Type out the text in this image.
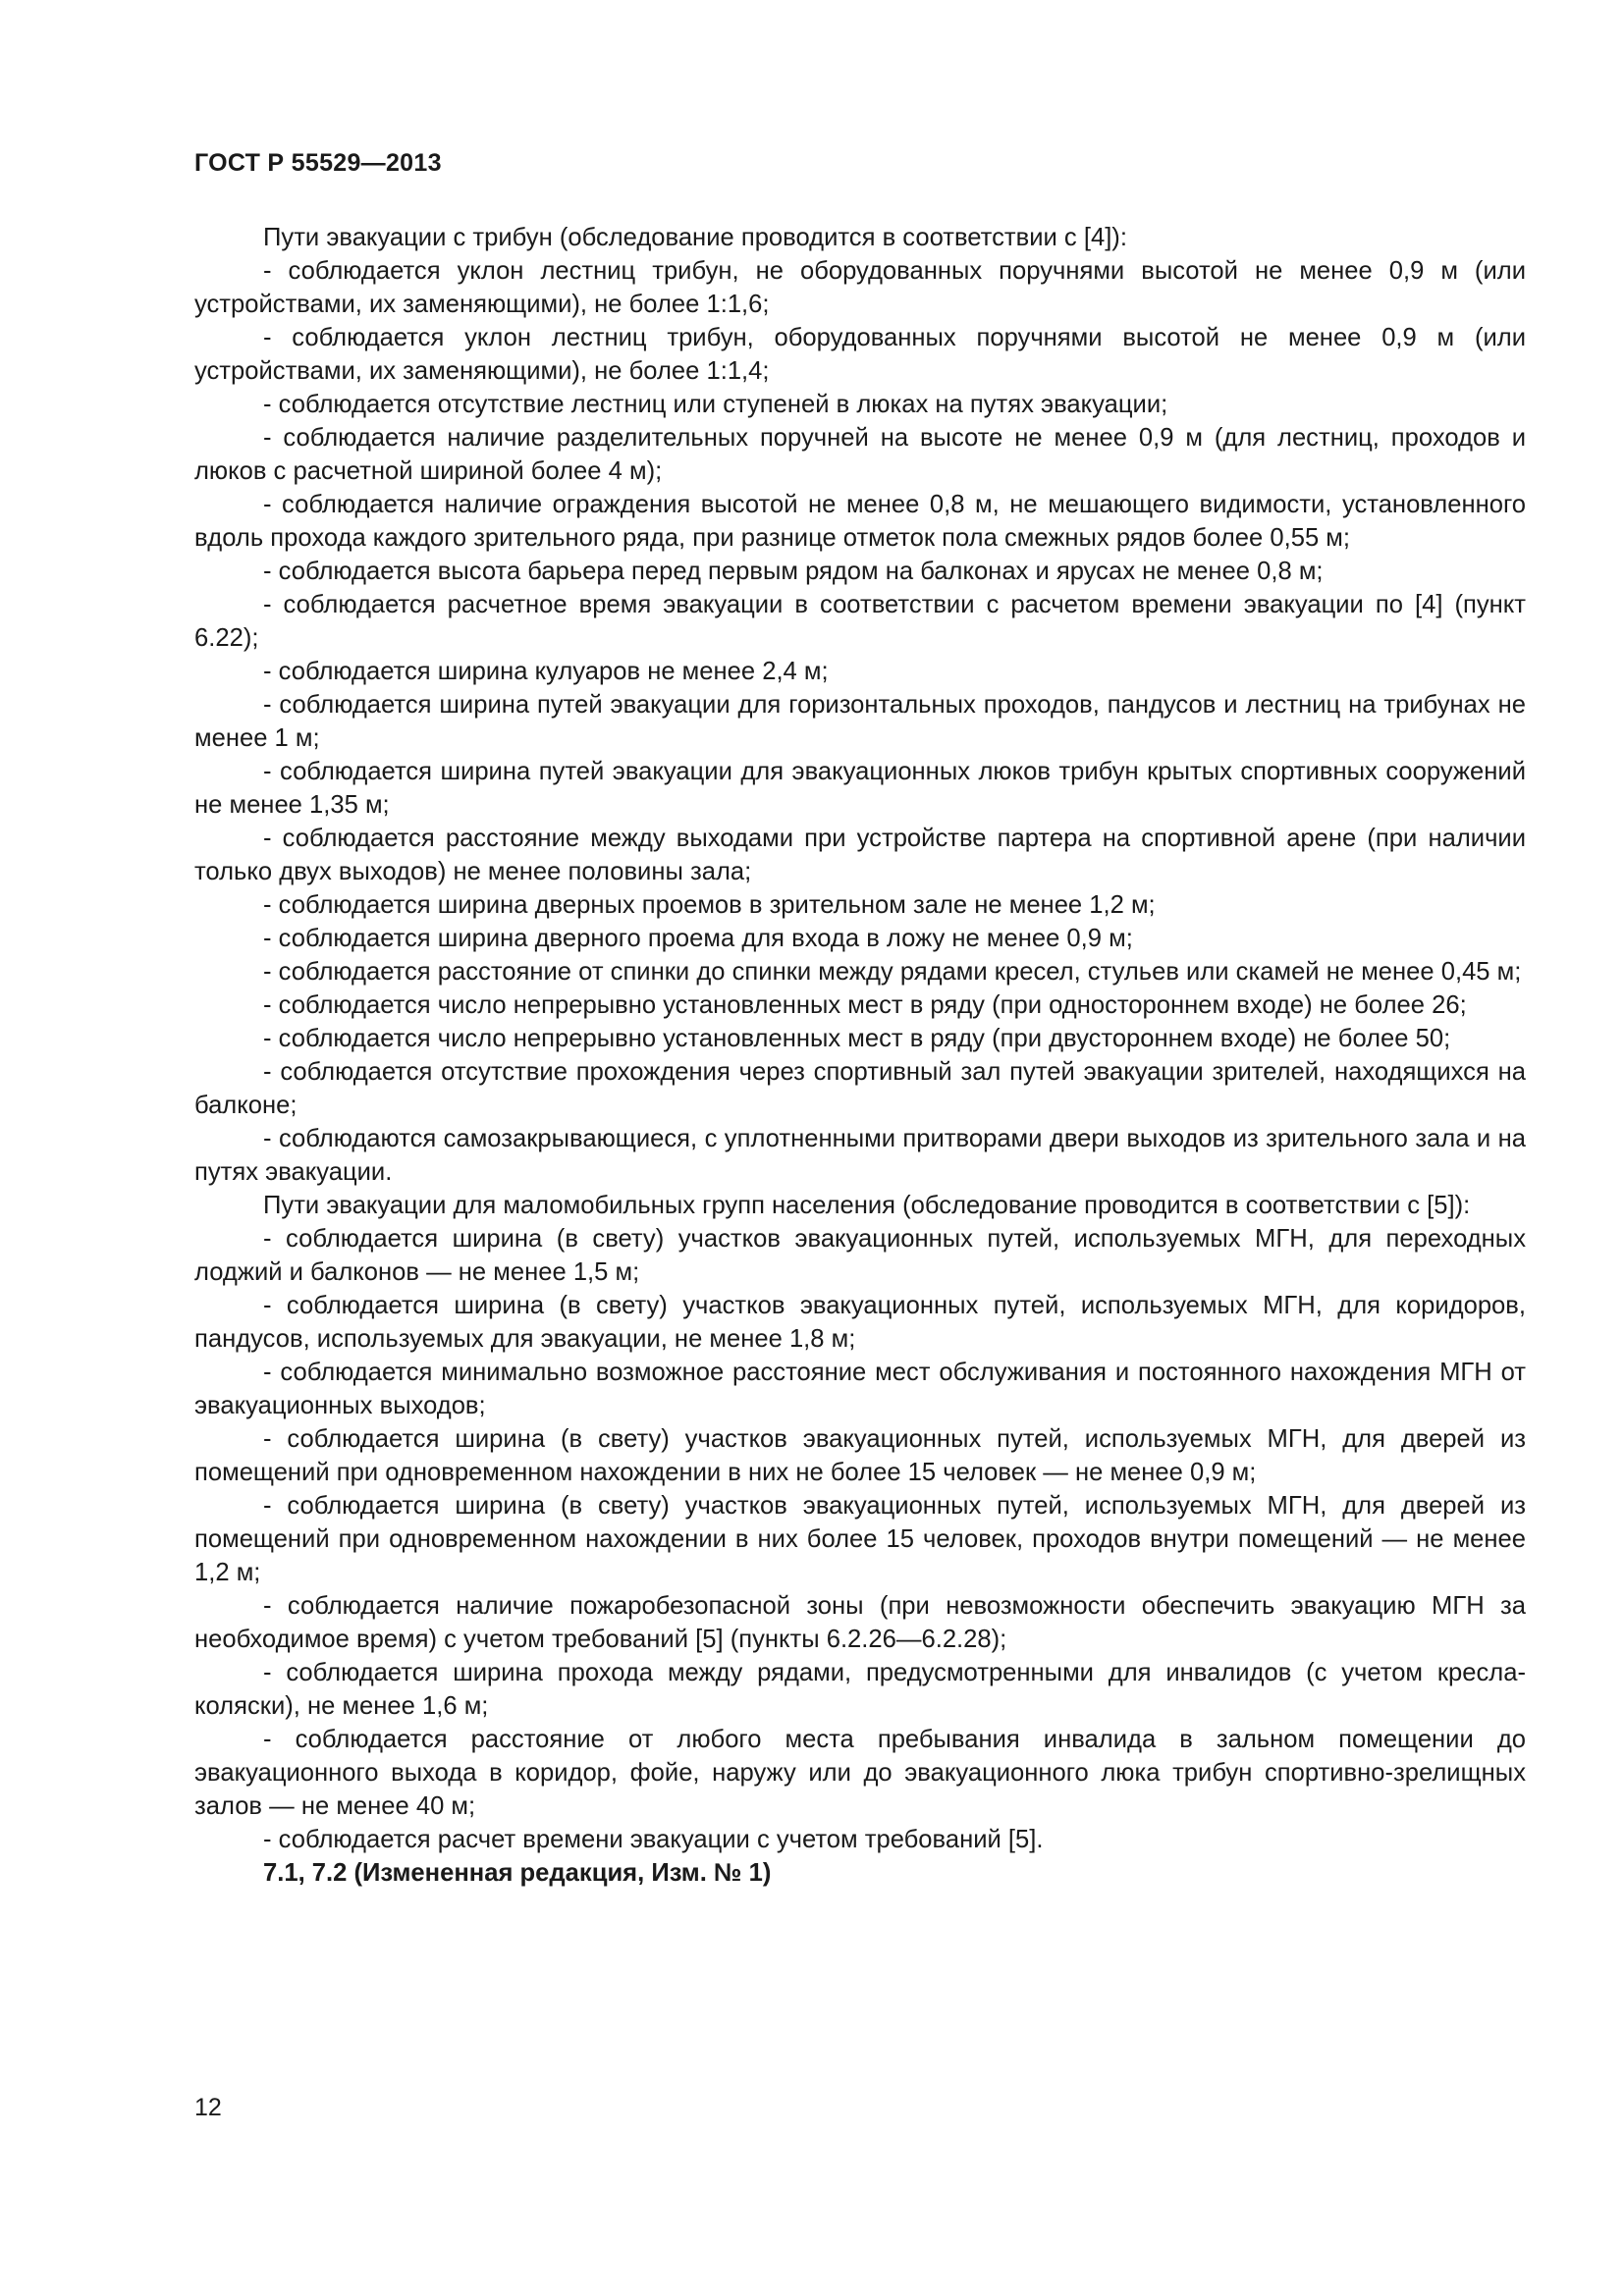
ГОСТ Р 55529—2013

Пути эвакуации с трибун (обследование проводится в соответствии с [4]):

- соблюдается уклон лестниц трибун, не оборудованных поручнями высотой не менее 0,9 м (или устройствами, их заменяющими), не более 1:1,6;

- соблюдается уклон лестниц трибун, оборудованных поручнями высотой не менее 0,9 м (или устройствами, их заменяющими), не более 1:1,4;

- соблюдается отсутствие лестниц или ступеней в люках на путях эвакуации;

- соблюдается наличие разделительных поручней на высоте не менее 0,9 м (для лестниц, проходов и люков с расчетной шириной более 4 м);

- соблюдается наличие ограждения высотой не менее 0,8 м, не мешающего видимости, установленного вдоль прохода каждого зрительного ряда, при разнице отметок пола смежных рядов более 0,55 м;

- соблюдается высота барьера перед первым рядом на балконах и ярусах не менее 0,8 м;

- соблюдается расчетное время эвакуации в соответствии с расчетом времени эвакуации по [4] (пункт 6.22);

- соблюдается ширина кулуаров не менее 2,4 м;

- соблюдается ширина путей эвакуации для горизонтальных проходов, пандусов и лестниц на трибунах не менее 1 м;

- соблюдается ширина путей эвакуации для эвакуационных люков трибун крытых спортивных сооружений не менее 1,35 м;

- соблюдается расстояние между выходами при устройстве партера на спортивной арене (при наличии только двух выходов) не менее половины зала;

- соблюдается ширина дверных проемов в зрительном зале не менее 1,2 м;

- соблюдается ширина дверного проема для входа в ложу не менее 0,9 м;

- соблюдается расстояние от спинки до спинки между рядами кресел, стульев или скамей не менее 0,45 м;

- соблюдается число непрерывно установленных мест в ряду (при одностороннем входе) не более 26;

- соблюдается число непрерывно установленных мест в ряду (при двустороннем входе) не более 50;

- соблюдается отсутствие прохождения через спортивный зал путей эвакуации зрителей, находящихся на балконе;

- соблюдаются самозакрывающиеся, с уплотненными притворами двери выходов из зрительного зала и на путях эвакуации.

Пути эвакуации для маломобильных групп населения (обследование проводится в соответствии с [5]):

- соблюдается ширина (в свету) участков эвакуационных путей, используемых МГН, для переходных лоджий и балконов — не менее 1,5 м;

- соблюдается ширина (в свету) участков эвакуационных путей, используемых МГН, для коридоров, пандусов, используемых для эвакуации, не менее 1,8 м;

- соблюдается минимально возможное расстояние мест обслуживания и постоянного нахождения МГН от эвакуационных выходов;

- соблюдается ширина (в свету) участков эвакуационных путей, используемых МГН, для дверей из помещений при одновременном нахождении в них не более 15 человек — не менее 0,9 м;

- соблюдается ширина (в свету) участков эвакуационных путей, используемых МГН, для дверей из помещений при одновременном нахождении в них более 15 человек, проходов внутри помещений — не менее 1,2 м;

- соблюдается наличие пожаробезопасной зоны (при невозможности обеспечить эвакуацию МГН за необходимое время) с учетом требований [5] (пункты 6.2.26—6.2.28);

- соблюдается ширина прохода между рядами, предусмотренными для инвалидов (с учетом кресла-коляски), не менее 1,6 м;

- соблюдается расстояние от любого места пребывания инвалида в зальном помещении до эвакуационного выхода в коридор, фойе, наружу или до эвакуационного люка трибун спортивно-зрелищных залов — не менее 40 м;

- соблюдается расчет времени эвакуации с учетом требований [5].

7.1, 7.2 (Измененная редакция, Изм. № 1)

12
